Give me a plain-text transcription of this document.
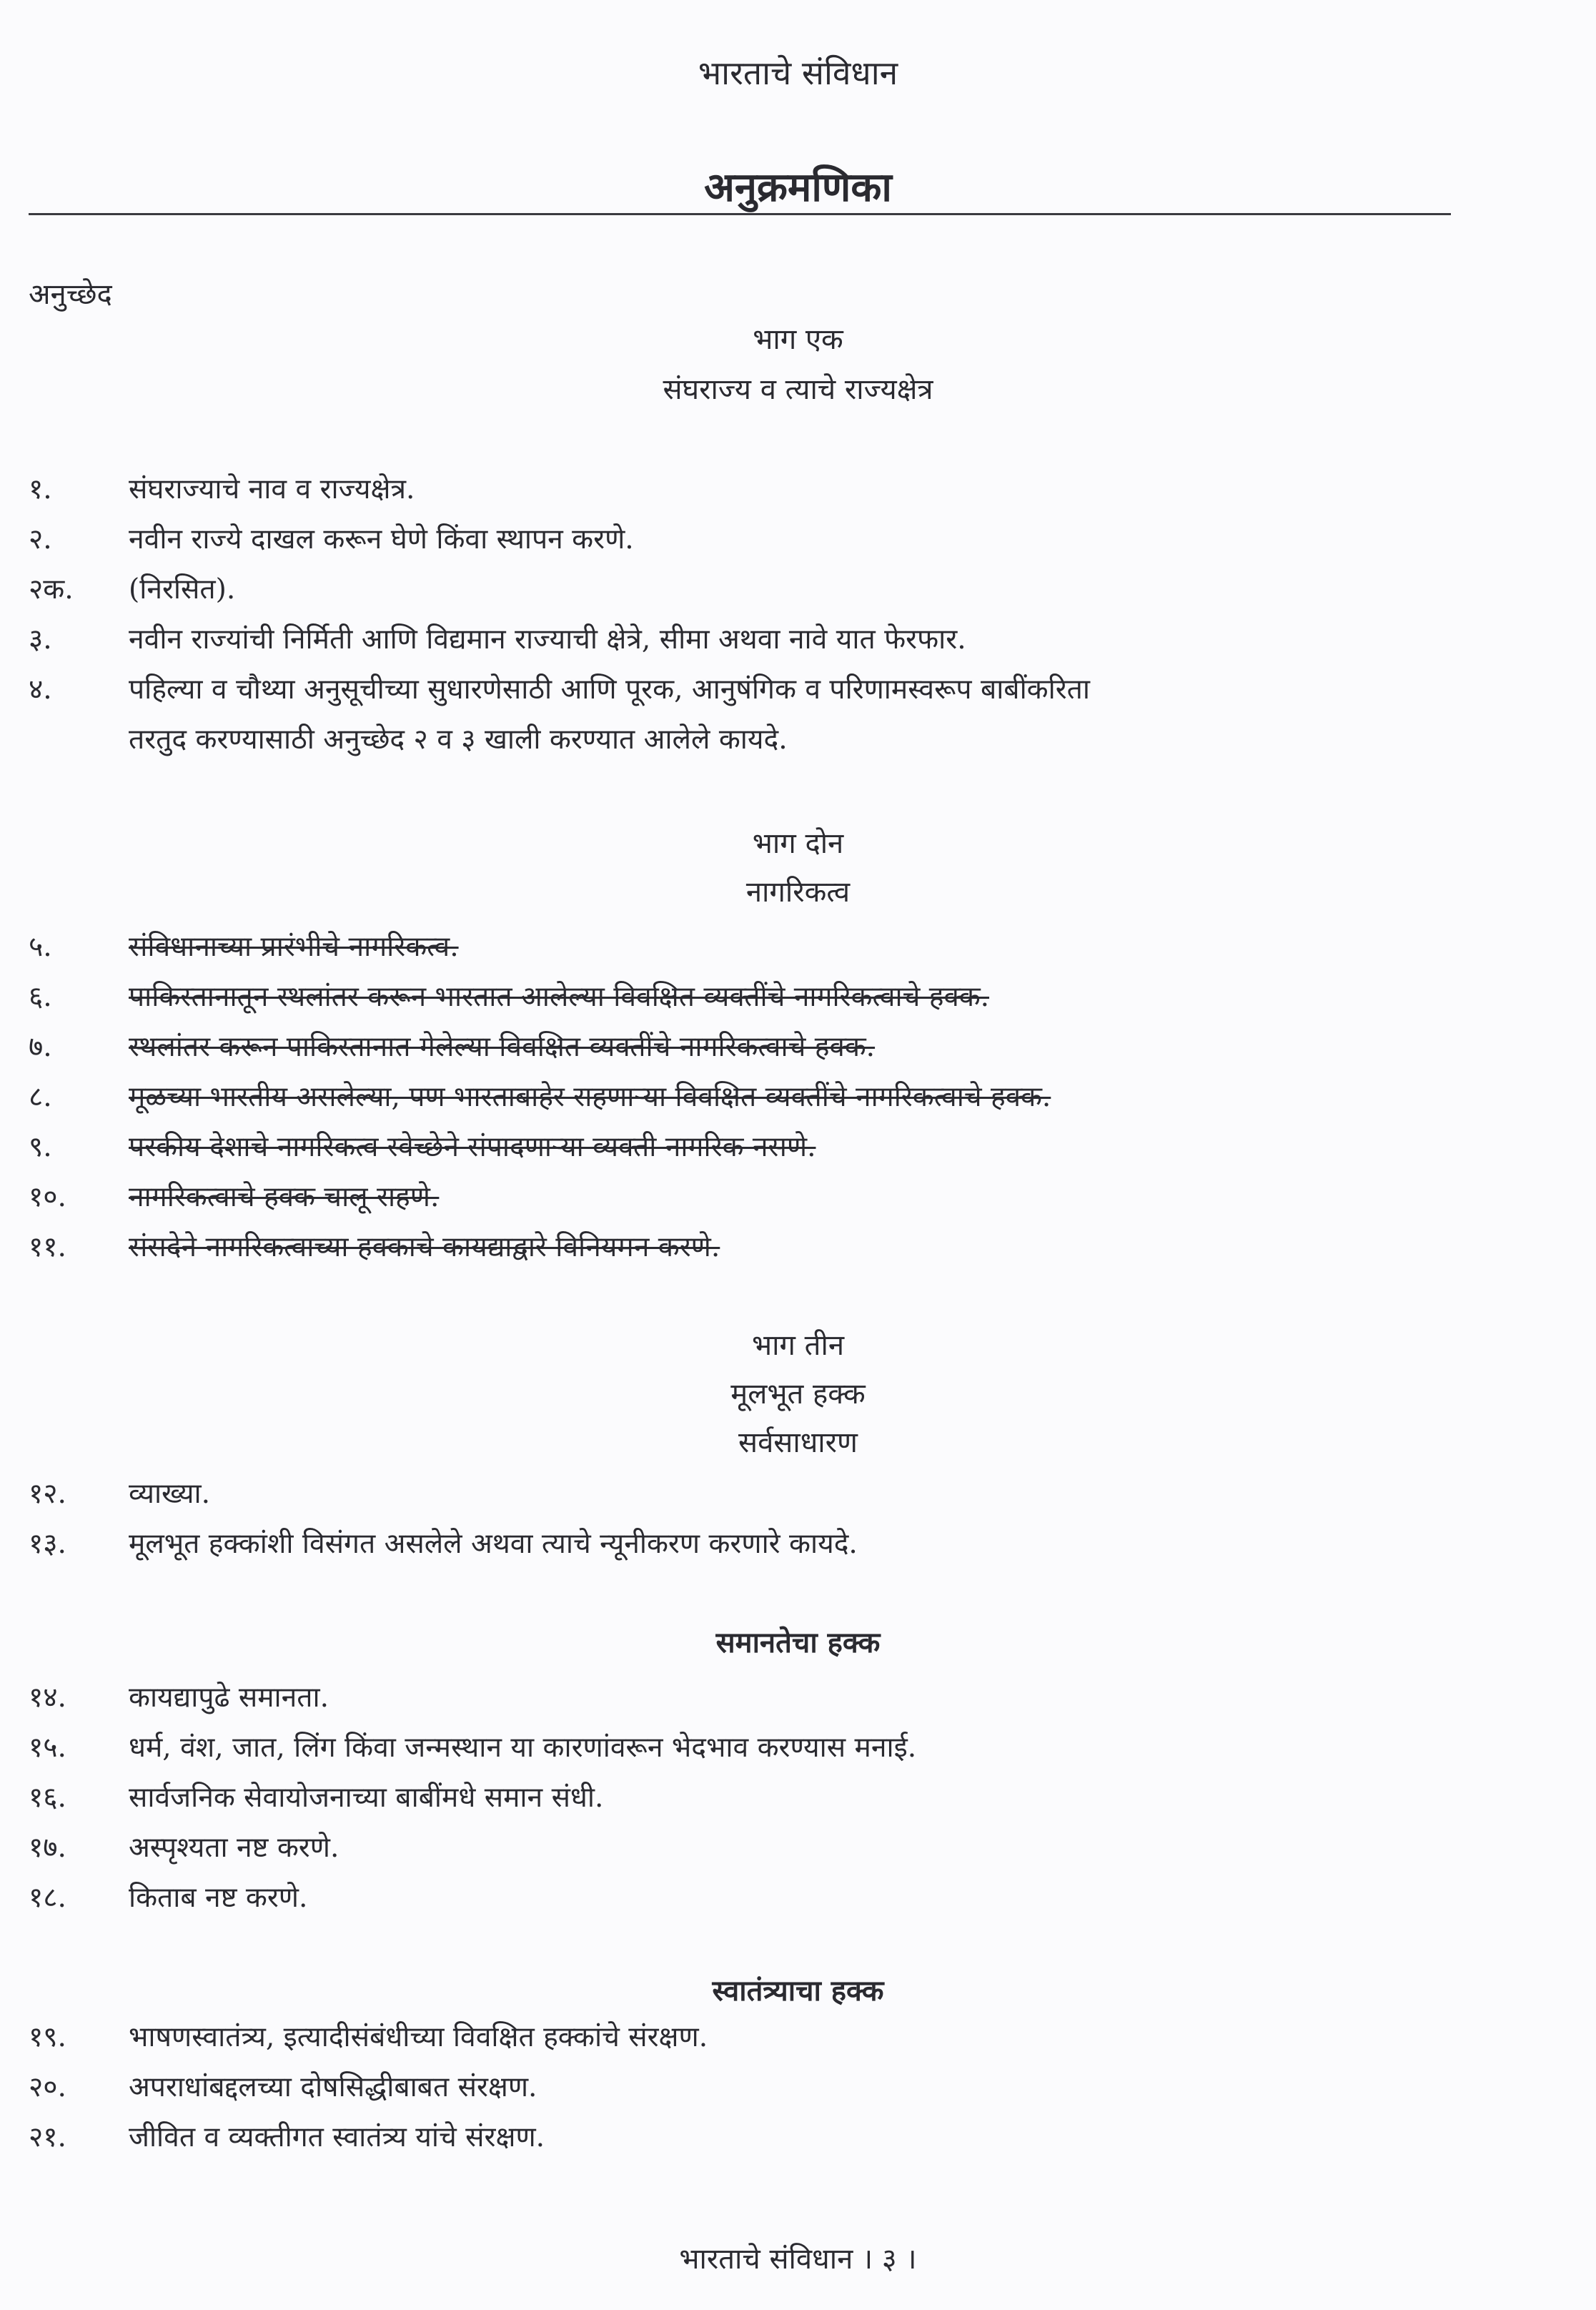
भारताचे संविधान
अनुक्रमणिका
अनुच्छेद
भाग एक
संघराज्य व त्याचे राज्यक्षेत्र
१.	संघराज्याचे नाव व राज्यक्षेत्र.
२.	नवीन राज्ये दाखल करून घेणे किंवा स्थापन करणे.
२क.	(निरसित).
३.	नवीन राज्यांची निर्मिती आणि विद्यमान राज्याची क्षेत्रे, सीमा अथवा नावे यात फेरफार.
४.	पहिल्या व चौथ्या अनुसूचीच्या सुधारणेसाठी आणि पूरक, आनुषंगिक व परिणामस्वरूप बाबींकरिता
तरतुद करण्यासाठी अनुच्छेद २ व ३ खाली करण्यात आलेले कायदे.
भाग दोन
नागरिकत्व
५.	संविधानाच्या प्रारंभीचे नागरिकत्व.
६.	पाकिस्तानातून स्थलांतर करून भारतात आलेल्या विवक्षित व्यक्तींचे नागरिकत्वाचे हक्क.
७.	स्थलांतर करून पाकिस्तानात गेलेल्या विवक्षित व्यक्तींचे नागरिकत्वाचे हक्क.
८.	मूळच्या भारतीय असलेल्या, पण भारताबाहेर राहणाऱ्या विवक्षित व्यक्तींचे नागरिकत्वाचे हक्क.
९.	परकीय देशाचे नागरिकत्व स्वेच्छेने संपादणाऱ्या व्यक्ती नागरिक नसणे.
१०.	नागरिकत्वाचे हक्क चालू राहणे.
११.	संसदेने नागरिकत्वाच्या हक्काचे कायद्याद्वारे विनियमन करणे.
भाग तीन
मूलभूत हक्क
सर्वसाधारण
१२.	व्याख्या.
१३.	मूलभूत हक्कांशी विसंगत असलेले अथवा त्याचे न्यूनीकरण करणारे कायदे.
समानतेचा हक्क
१४.	कायद्यापुढे समानता.
१५.	धर्म, वंश, जात, लिंग किंवा जन्मस्थान या कारणांवरून भेदभाव करण्यास मनाई.
१६.	सार्वजनिक सेवायोजनाच्या बाबींमधे समान संधी.
१७.	अस्पृश्यता नष्ट करणे.
१८.	किताब नष्ट करणे.
स्वातंत्र्याचा हक्क
१९.	भाषणस्वातंत्र्य, इत्यादीसंबंधीच्या विवक्षित हक्कांचे संरक्षण.
२०.	अपराधांबद्दलच्या दोषसिद्धीबाबत संरक्षण.
२१.	जीवित व व्यक्तीगत स्वातंत्र्य यांचे संरक्षण.
भारताचे संविधान । ३ ।
